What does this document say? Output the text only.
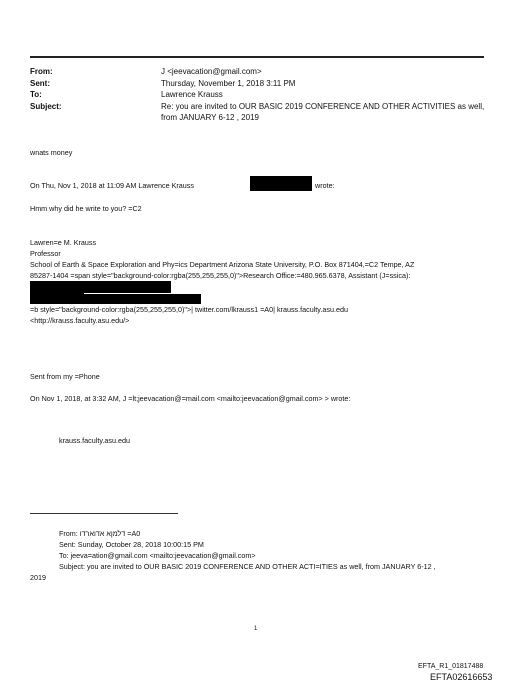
From:	J <jeevacation@gmail.com>
Sent:	Thursday, November 1, 2018 3:11 PM
To:	Lawrence Krauss
Subject:	Re: you are invited to OUR BASIC 2019 CONFERENCE AND OTHER ACTIVITIES as well,
from JANUARY 6-12 , 2019
wnats money
On Thu, Nov 1, 2018 at 11:09 AM Lawrence Krauss	wrote:
Hmm why did he write to you? =C2
Lawren=e M. Krauss
Professor
School of Earth & Space Exploration and Phy=ics Department Arizona State University, P.O. Box 871404,=C2 Tempe, AZ
85287-1404 =span style="background-color:rgba(255,255,255,0)">Research Office:=480.965.6378, Assistant (J=ssica):
=b style="background-color:rgba(255,255,255,0)">| twitter.com/lkrauss1 =A0| krauss.faculty.asu.edu
<http://krauss.faculty.asu.edu/>
Sent from my =Phone
On Nov 1, 2018, at 3:32 AM, J =lt;jeevacation@=mail.com <mailto:jeevacation@gmail.com> > wrote:
krauss.faculty.asu.edu
From: דלמןא אדוארדו =A0
Sent: Sunday, October 28, 2018 10:00:15 PM
To: jeeva=ation@gmail.com <mailto:jeevacation@gmail.com>
Subject: you are invited to OUR BASIC 2019 CONFERENCE AND OTHER ACTI=ITIES as well, from JANUARY 6-12 ,
2019
1
EFTA_R1_01817488
EFTA02616653
